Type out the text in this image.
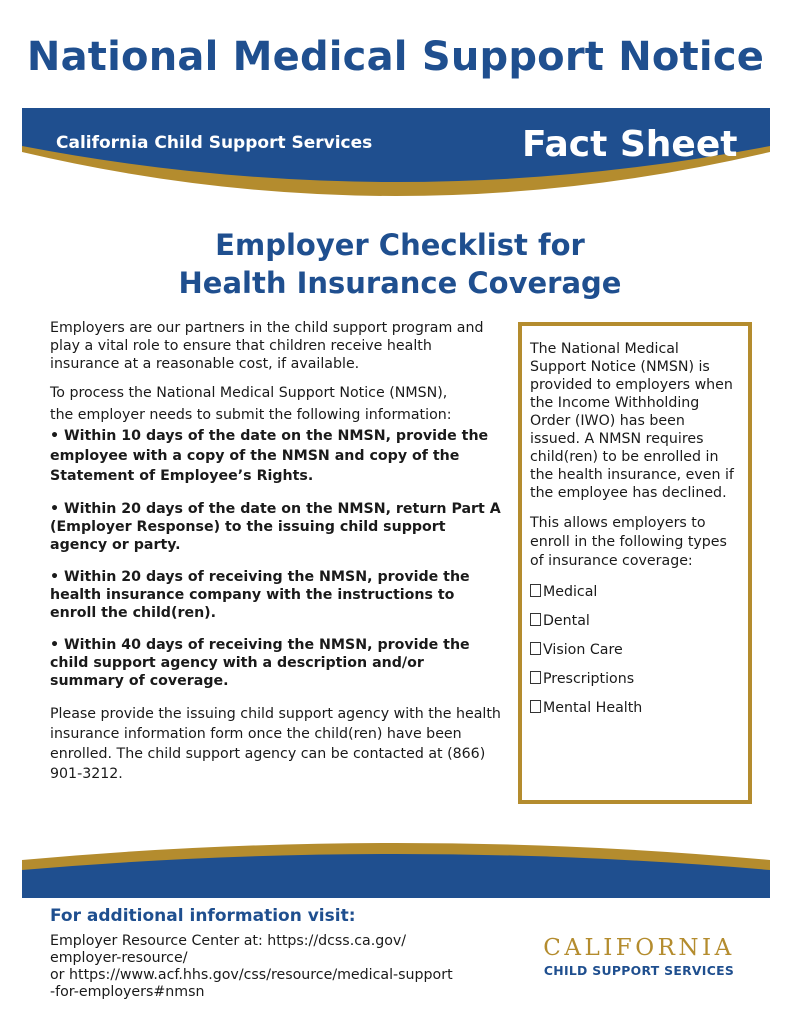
National Medical Support Notice
California Child Support Services	Fact Sheet
Employer Checklist for
Health Insurance Coverage

Employers are our partners in the child support program and play a vital role to ensure that children receive health insurance at a reasonable cost, if available.

To process the National Medical Support Notice (NMSN),
the employer needs to submit the following information:

• Within 10 days of the date on the NMSN, provide the employee with a copy of the NMSN and copy of the Statement of Employee’s Rights.

• Within 20 days of the date on the NMSN, return Part A (Employer Response) to the issuing child support agency or party.

• Within 20 days of receiving the NMSN, provide the health insurance company with the instructions to enroll the child(ren).

• Within 40 days of receiving the NMSN, provide the child support agency with a description and/or summary of coverage.

Please provide the issuing child support agency with the health insurance information form once the child(ren) have been enrolled. The child support agency can be contacted at (866) 901-3212.

The National Medical Support Notice (NMSN) is provided to employers when the Income Withholding Order (IWO) has been issued. A NMSN requires child(ren) to be enrolled in the health insurance, even if the employee has declined.

This allows employers to enroll in the following types of insurance coverage:

Medical
Dental
Vision Care
Prescriptions
Mental Health
For additional information visit:
Employer Resource Center at: https://dcss.ca.gov/
employer-resource/
or https://www.acf.hhs.gov/css/resource/medical-support
-for-employers#nmsn
CALIFORNIA
CHILD SUPPORT SERVICES
